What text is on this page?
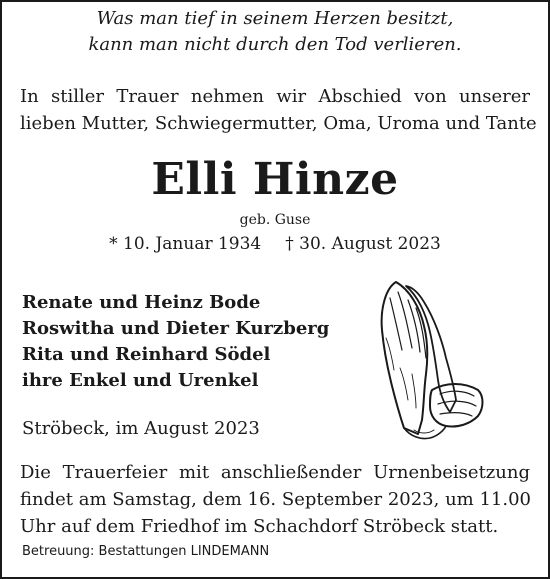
Was man tief in seinem Herzen besitzt,
kann man nicht durch den Tod verlieren.
In stiller Trauer nehmen wir Abschied von unserer
lieben Mutter, Schwiegermutter, Oma, Uroma und Tante
Elli Hinze
geb. Guse
* 10. Januar 1934 † 30. August 2023
Renate und Heinz Bode
Roswitha und Dieter Kurzberg
Rita und Reinhard Södel
ihre Enkel und Urenkel
Ströbeck, im August 2023
Die Trauerfeier mit anschließender Urnenbeisetzung
findet am Samstag, dem 16. September 2023, um 11.00
Uhr auf dem Friedhof im Schachdorf Ströbeck statt.
Betreuung: Bestattungen LINDEMANN
